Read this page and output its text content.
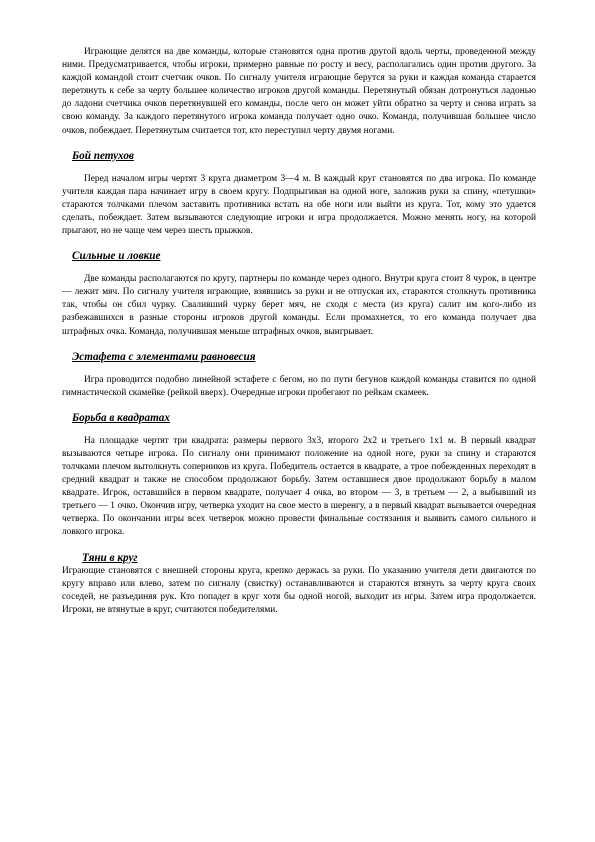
Играющие делятся на две команды, которые становятся одна против другой вдоль черты, проведенной между ними. Предусматривается, чтобы игроки, примерно равные по росту и весу, располагались один против другого. За каждой командой стоит счетчик очков. По сигналу учителя играющие берутся за руки и каждая команда старается перетянуть к себе за черту большее количество игроков другой команды. Перетянутый обязан дотронуться ладонью до ладони счетчика очков перетянувшей его команды, после чего он может уйти обратно за черту и снова играть за свою команду. За каждого перетянутого игрока команда получает одно очко. Команда, получившая большее число очков, побеждает. Перетянутым считается тот, кто переступил черту двумя ногами.

Бой петухов

Перед началом игры чертят 3 круга диаметром 3—4 м. В каждый круг становятся по два игрока. По команде учителя каждая пара начинает игру в своем кругу. Подпрыгивая на одной ноге, заложив руки за спину, «петушки» стараются толчками плечом заставить противника встать на обе ноги или выйти из круга. Тот, кому это удается сделать, побеждает. Затем вызываются следующие игроки и игра продолжается. Можно менять ногу, на которой прыгают, но не чаще чем через шесть прыжков.

Сильные и ловкие

Две команды располагаются по кругу, партнеры по команде через одного. Внутри круга стоит 8 чурок, в центре — лежит мяч. По сигналу учителя играющие, взявшись за руки и не отпуская их, стараются столкнуть противника так, чтобы он сбил чурку. Сваливший чурку берет мяч, не сходя с места (из круга) салит им кого-либо из разбежавшихся в разные стороны игроков другой команды. Если промахнется, то его команда получает два штрафных очка. Команда, получившая меньше штрафных очков, выигрывает.

Эстафета с элементами равновесия

Игра проводится подобно линейной эстафете с бегом, но по пути бегунов каждой команды ставится по одной гимнастической скамейке (рейкой вверх). Очередные игроки пробегают по рейкам скамеек.

Борьба в квадратах

На площадке чертят три квадрата: размеры первого 3х3, второго 2х2 и третьего 1х1 м. В первый квадрат вызываются четыре игрока. По сигналу они принимают положение на одной ноге, руки за спину и стараются толчками плечом вытолкнуть соперников из круга. Победитель остается в квадрате, а трое побежденных переходят в средний квадрат и также не способом продолжают борьбу. Затем оставшиеся двое продолжают борьбу в малом квадрате. Игрок, оставшийся в первом квадрате, получает 4 очка, во втором — 3, в третьем — 2, а выбывший из третьего — 1 очко. Окончив игру, четверка уходит на свое место в шеренгу, а в первый квадрат вызывается очередная четверка. По окончании игры всех четверок можно провести финальные состязания и выявить самого сильного и ловкого игрока.

Тяни в круг

Играющие становятся с внешней стороны круга, крепко держась за руки. По указанию учителя дети двигаются по кругу вправо или влево, затем по сигналу (свистку) останавливаются и стараются втянуть за черту круга своих соседей, не разъединяя рук. Кто попадет в круг хотя бы одной ногой, выходит из игры. Затем игра продолжается. Игроки, не втянутые в круг, считаются победителями.
